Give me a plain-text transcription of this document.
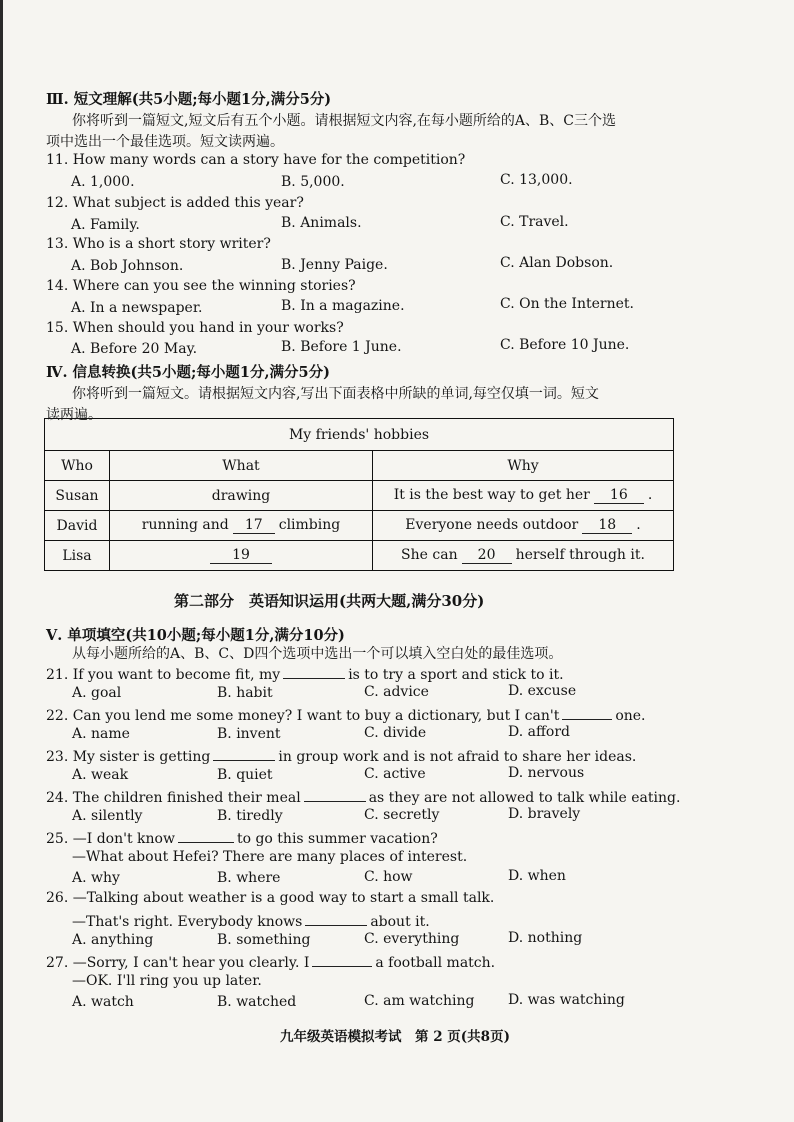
Ⅲ. 短文理解(共5小题;每小题1分,满分5分)
你将听到一篇短文,短文后有五个小题。请根据短文内容,在每小题所给的A、B、C三个选
项中选出一个最佳选项。短文读两遍。
11. How many words can a story have for the competition?
A. 1,000.	B. 5,000.	C. 13,000.
12. What subject is added this year?
A. Family.	B. Animals.	C. Travel.
13. Who is a short story writer?
A. Bob Johnson.	B. Jenny Paige.	C. Alan Dobson.
14. Where can you see the winning stories?
A. In a newspaper.	B. In a magazine.	C. On the Internet.
15. When should you hand in your works?
A. Before 20 May.	B. Before 1 June.	C. Before 10 June.
Ⅳ. 信息转换(共5小题;每小题1分,满分5分)
你将听到一篇短文。请根据短文内容,写出下面表格中所缺的单词,每空仅填一词。短文
读两遍。
My friends' hobbies		
Who	What	Why
Susan	drawing	It is the best way to get her 16 .
David	running and 17 climbing	Everyone needs outdoor 18 .
Lisa	19	She can 20 herself through it.
第二部分　英语知识运用(共两大题,满分30分)
Ⅴ. 单项填空(共10小题;每小题1分,满分10分)
从每小题所给的A、B、C、D四个选项中选出一个可以填入空白处的最佳选项。
21. If you want to become fit, my	is to try a sport and stick to it.
A. goal	B. habit	C. advice	D. excuse
22. Can you lend me some money? I want to buy a dictionary, but I can't	one.
A. name	B. invent	C. divide	D. afford
23. My sister is getting	in group work and is not afraid to share her ideas.
A. weak	B. quiet	C. active	D. nervous
24. The children finished their meal	as they are not allowed to talk while eating.
A. silently	B. tiredly	C. secretly	D. bravely
25. —I don't know	to go this summer vacation?
—What about Hefei? There are many places of interest.
A. why	B. where	C. how	D. when
26. —Talking about weather is a good way to start a small talk.
—That's right. Everybody knows	about it.
A. anything	B. something	C. everything	D. nothing
27. —Sorry, I can't hear you clearly. I	a football match.
—OK. I'll ring you up later.
A. watch	B. watched	C. am watching D. was watching
九年级英语模拟考试　第 2 页(共8页)
